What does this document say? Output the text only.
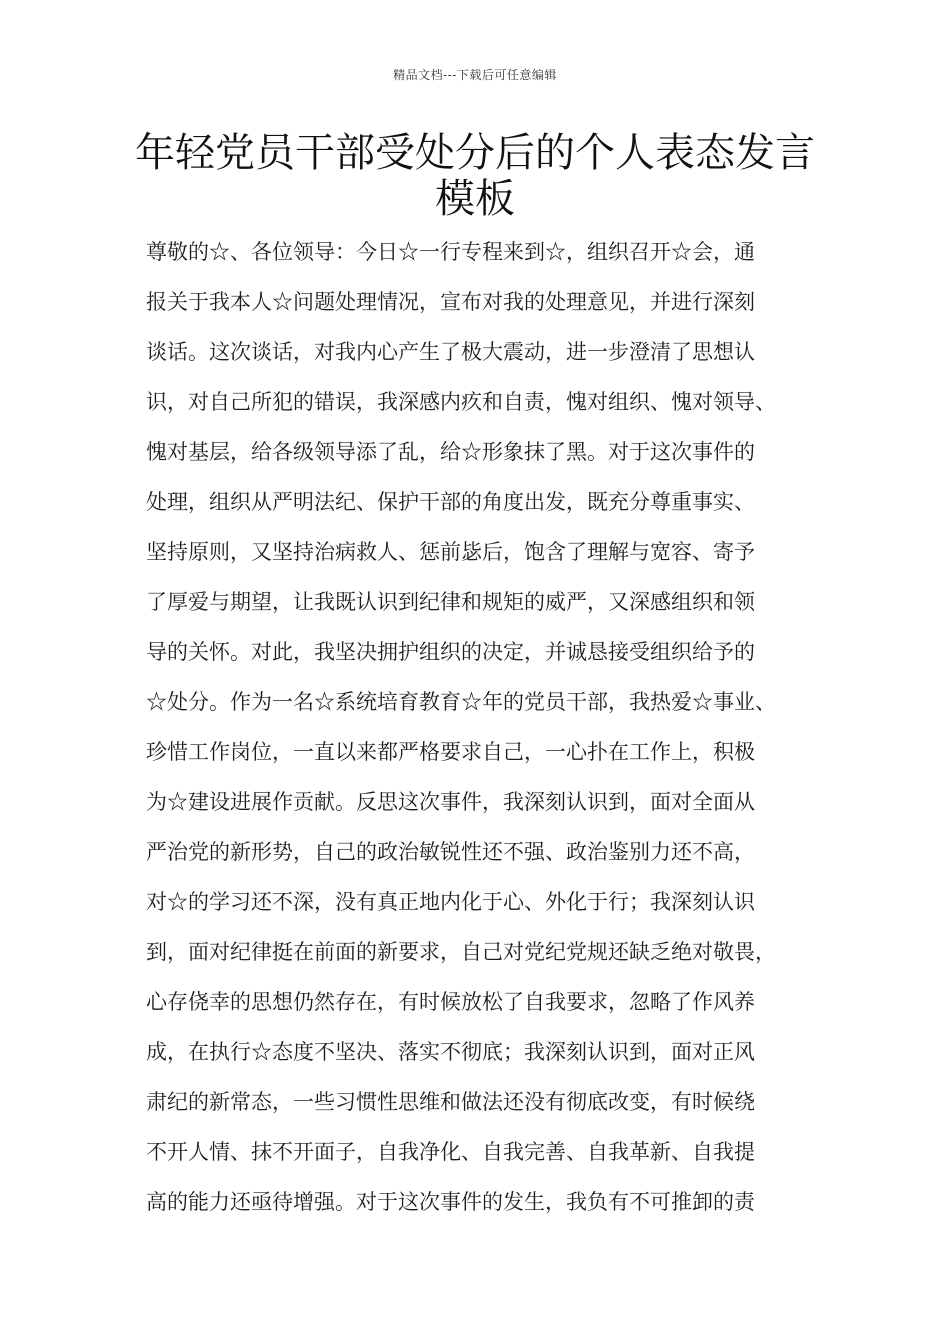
精品文档---下载后可任意编辑
年轻党员干部受处分后的个人表态发言
模板
尊敬的☆、各位领导：今日☆一行专程来到☆，组织召开☆会，通
报关于我本人☆问题处理情况，宣布对我的处理意见，并进行深刻
谈话。这次谈话，对我内心产生了极大震动，进一步澄清了思想认
识，对自己所犯的错误，我深感内疚和自责，愧对组织、愧对领导、
愧对基层，给各级领导添了乱，给☆形象抹了黑。对于这次事件的
处理，组织从严明法纪、保护干部的角度出发，既充分尊重事实、
坚持原则，又坚持治病救人、惩前毖后，饱含了理解与宽容、寄予
了厚爱与期望，让我既认识到纪律和规矩的威严，又深感组织和领
导的关怀。对此，我坚决拥护组织的决定，并诚恳接受组织给予的
☆处分。作为一名☆系统培育教育☆年的党员干部，我热爱☆事业、
珍惜工作岗位，一直以来都严格要求自己，一心扑在工作上，积极
为☆建设进展作贡献。反思这次事件，我深刻认识到，面对全面从
严治党的新形势，自己的政治敏锐性还不强、政治鉴别力还不高，
对☆的学习还不深，没有真正地内化于心、外化于行；我深刻认识
到，面对纪律挺在前面的新要求，自己对党纪党规还缺乏绝对敬畏，
心存侥幸的思想仍然存在，有时候放松了自我要求，忽略了作风养
成，在执行☆态度不坚决、落实不彻底；我深刻认识到，面对正风
肃纪的新常态，一些习惯性思维和做法还没有彻底改变，有时候绕
不开人情、抹不开面子，自我净化、自我完善、自我革新、自我提
高的能力还亟待增强。对于这次事件的发生，我负有不可推卸的责
